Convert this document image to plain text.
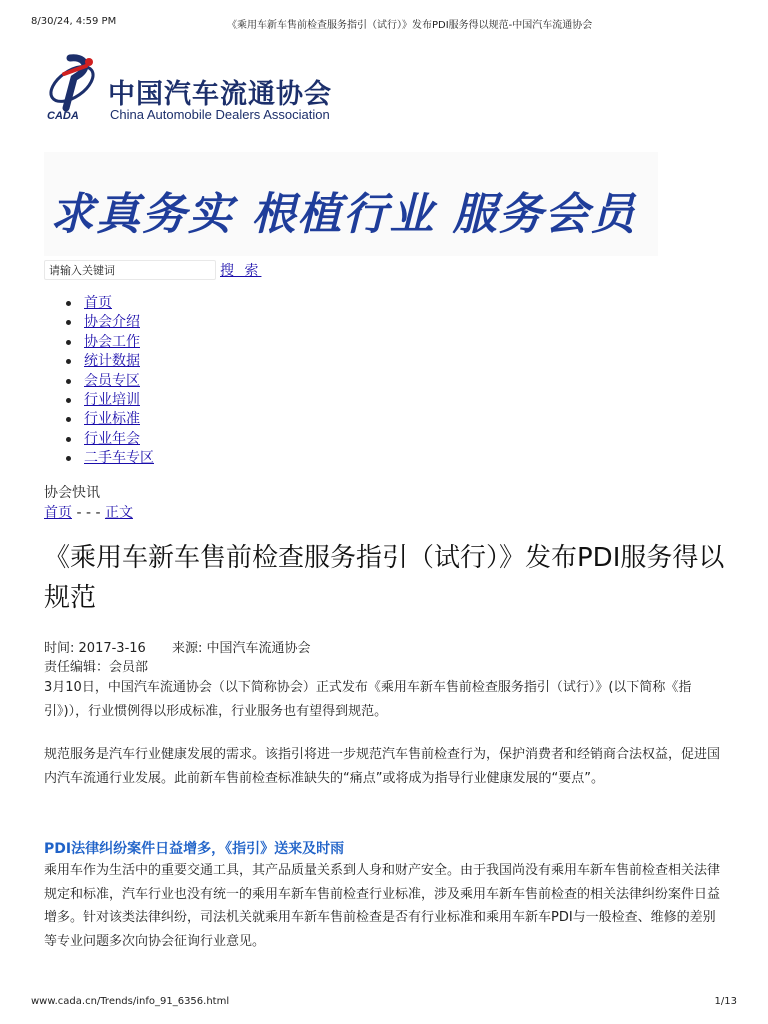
8/30/24, 4:59 PM	《乘用车新车售前检查服务指引（试行）》发布PDI服务得以规范-中国汽车流通协会
CADA
中国汽车流通协会
China Automobile Dealers Association
求真务实 根植行业 服务会员
请输入关键词
搜 索
首页
协会介绍
协会工作
统计数据
会员专区
行业培训
行业标准
行业年会
二手车专区
协会快讯
首页 - - - 正文
《乘用车新车售前检查服务指引（试行）》发布PDI服务得以规范
时间: 2017-3-16 来源: 中国汽车流通协会
责任编辑：会员部

3月10日，中国汽车流通协会（以下简称协会）正式发布《乘用车新车售前检查服务指引（试行）》(以下简称《指引》)），行业惯例得以形成标准，行业服务也有望得到规范。

规范服务是汽车行业健康发展的需求。该指引将进一步规范汽车售前检查行为，保护消费者和经销商合法权益，促进国内汽车流通行业发展。此前新车售前检查标准缺失的“痛点”或将成为指导行业健康发展的“要点”。

PDI法律纠纷案件日益增多，《指引》送来及时雨

乘用车作为生活中的重要交通工具，其产品质量关系到人身和财产安全。由于我国尚没有乘用车新车售前检查相关法律规定和标准，汽车行业也没有统一的乘用车新车售前检查行业标准，涉及乘用车新车售前检查的相关法律纠纷案件日益增多。针对该类法律纠纷，司法机关就乘用车新车售前检查是否有行业标准和乘用车新车PDI与一般检查、维修的差别等专业问题多次向协会征询行业意见。

www.cada.cn/Trends/info_91_6356.html	1/13
